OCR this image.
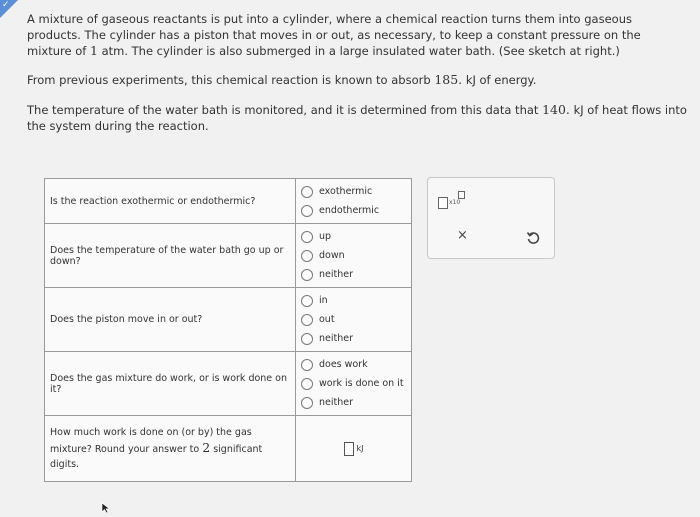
✓
A mixture of gaseous reactants is put into a cylinder, where a chemical reaction turns them into gaseous products. The cylinder has a piston that moves in or out, as necessary, to keep a constant pressure on the mixture of 1 atm. The cylinder is also submerged in a large insulated water bath. (See sketch at right.)
From previous experiments, this chemical reaction is known to absorb 185. kJ of energy.
The temperature of the water bath is monitored, and it is determined from this data that 140. kJ of heat flows into the system during the reaction.
Is the reaction exothermic or endothermic?	exothermic
endothermic

Does the temperature of the water bath go up or down?	up
down
neither

Does the piston move in or out?	in
out
neither

Does the gas mixture do work, or is work done on it?	does work
work is done on it
neither

How much work is done on (or by) the gas mixture? Round your answer to 2 significant digits.	kJ
x10
×
